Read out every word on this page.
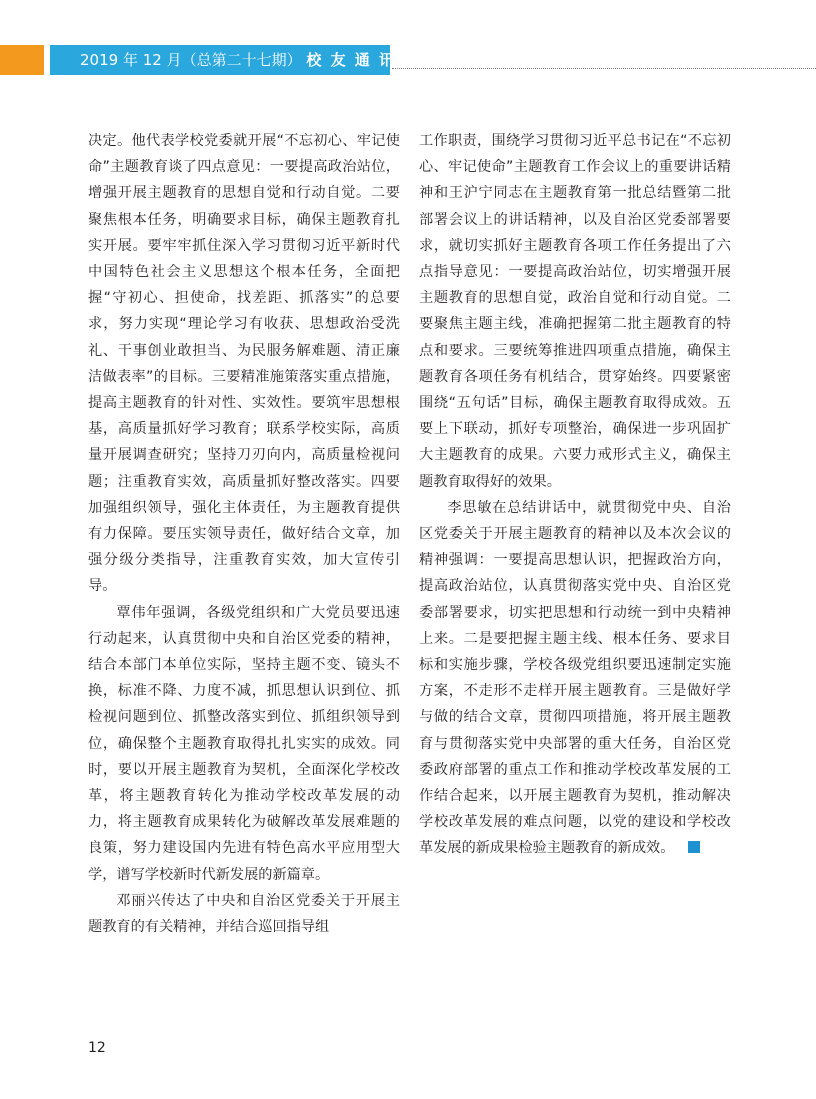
2019 年 12 月（总第二十七期） 校 友 通 讯

决定。他代表学校党委就开展“不忘初心、牢记使命”主题教育谈了四点意见：一要提高政治站位，增强开展主题教育的思想自觉和行动自觉。二要聚焦根本任务，明确要求目标，确保主题教育扎实开展。要牢牢抓住深入学习贯彻习近平新时代中国特色社会主义思想这个根本任务，全面把握“守初心、担使命，找差距、抓落实”的总要求，努力实现“理论学习有收获、思想政治受洗礼、干事创业敢担当、为民服务解难题、清正廉洁做表率”的目标。三要精准施策落实重点措施，提高主题教育的针对性、实效性。要筑牢思想根基，高质量抓好学习教育；联系学校实际，高质量开展调查研究；坚持刀刃向内，高质量检视问题；注重教育实效，高质量抓好整改落实。四要加强组织领导，强化主体责任，为主题教育提供有力保障。要压实领导责任，做好结合文章，加强分级分类指导，注重教育实效，加大宣传引导。

覃伟年强调，各级党组织和广大党员要迅速行动起来，认真贯彻中央和自治区党委的精神，结合本部门本单位实际，坚持主题不变、镜头不换，标准不降、力度不减，抓思想认识到位、抓检视问题到位、抓整改落实到位、抓组织领导到位，确保整个主题教育取得扎扎实实的成效。同时，要以开展主题教育为契机，全面深化学校改革，将主题教育转化为推动学校改革发展的动力，将主题教育成果转化为破解改革发展难题的良策，努力建设国内先进有特色高水平应用型大学，谱写学校新时代新发展的新篇章。

邓丽兴传达了中央和自治区党委关于开展主题教育的有关精神，并结合巡回指导组

工作职责，围绕学习贯彻习近平总书记在“不忘初心、牢记使命”主题教育工作会议上的重要讲话精神和王沪宁同志在主题教育第一批总结暨第二批部署会议上的讲话精神，以及自治区党委部署要求，就切实抓好主题教育各项工作任务提出了六点指导意见：一要提高政治站位，切实增强开展主题教育的思想自觉，政治自觉和行动自觉。二要聚焦主题主线，准确把握第二批主题教育的特点和要求。三要统筹推进四项重点措施，确保主题教育各项任务有机结合，贯穿始终。四要紧密围绕“五句话”目标，确保主题教育取得成效。五要上下联动，抓好专项整治，确保进一步巩固扩大主题教育的成果。六要力戒形式主义，确保主题教育取得好的效果。

李思敏在总结讲话中，就贯彻党中央、自治区党委关于开展主题教育的精神以及本次会议的精神强调：一要提高思想认识，把握政治方向，提高政治站位，认真贯彻落实党中央、自治区党委部署要求，切实把思想和行动统一到中央精神上来。二是要把握主题主线、根本任务、要求目标和实施步骤，学校各级党组织要迅速制定实施方案，不走形不走样开展主题教育。三是做好学与做的结合文章，贯彻四项措施，将开展主题教育与贯彻落实党中央部署的重大任务，自治区党委政府部署的重点工作和推动学校改革发展的工作结合起来，以开展主题教育为契机，推动解决学校改革发展的难点问题，以党的建设和学校改革发展的新成果检验主题教育的新成效。

12
